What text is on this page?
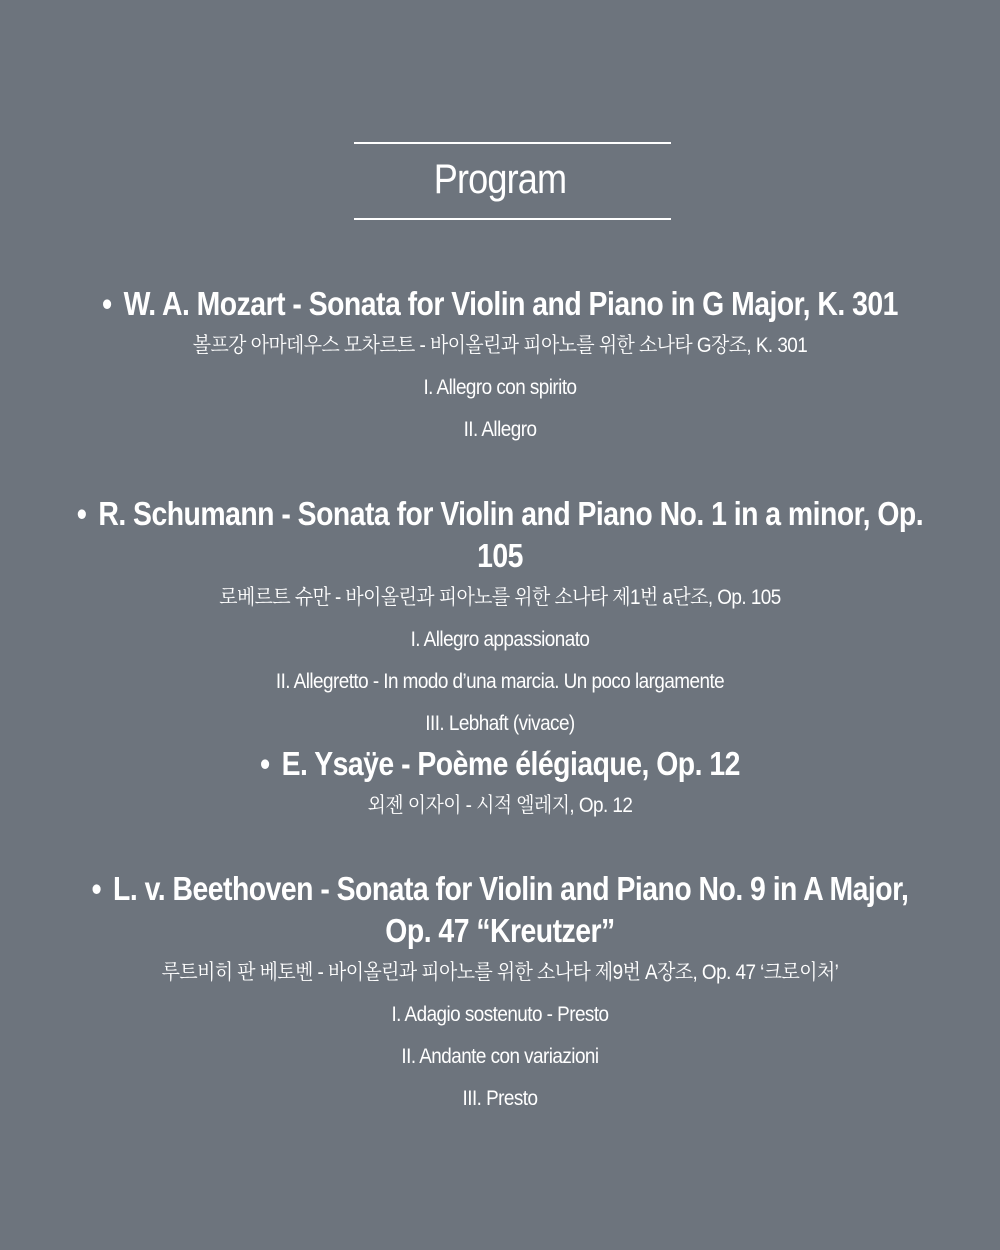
Program

• W. A. Mozart - Sonata for Violin and Piano in G Major, K. 301

볼프강 아마데우스 모차르트 - 바이올린과 피아노를 위한 소나타 G장조, K. 301

I. Allegro con spirito

II. Allegro

• R. Schumann - Sonata for Violin and Piano No. 1 in a minor, Op. 105

로베르트 슈만 - 바이올린과 피아노를 위한 소나타 제1번 a단조, Op. 105

I. Allegro appassionato

II. Allegretto - In modo d’una marcia. Un poco largamente

III. Lebhaft (vivace)

• E. Ysaÿe - Poème élégiaque, Op. 12

외젠 이자이 - 시적 엘레지, Op. 12

• L. v. Beethoven - Sonata for Violin and Piano No. 9 in A Major,

Op. 47 “Kreutzer”

루트비히 판 베토벤 - 바이올린과 피아노를 위한 소나타 제9번 A장조, Op. 47 ‘크로이처’

I. Adagio sostenuto - Presto

II. Andante con variazioni

III. Presto
